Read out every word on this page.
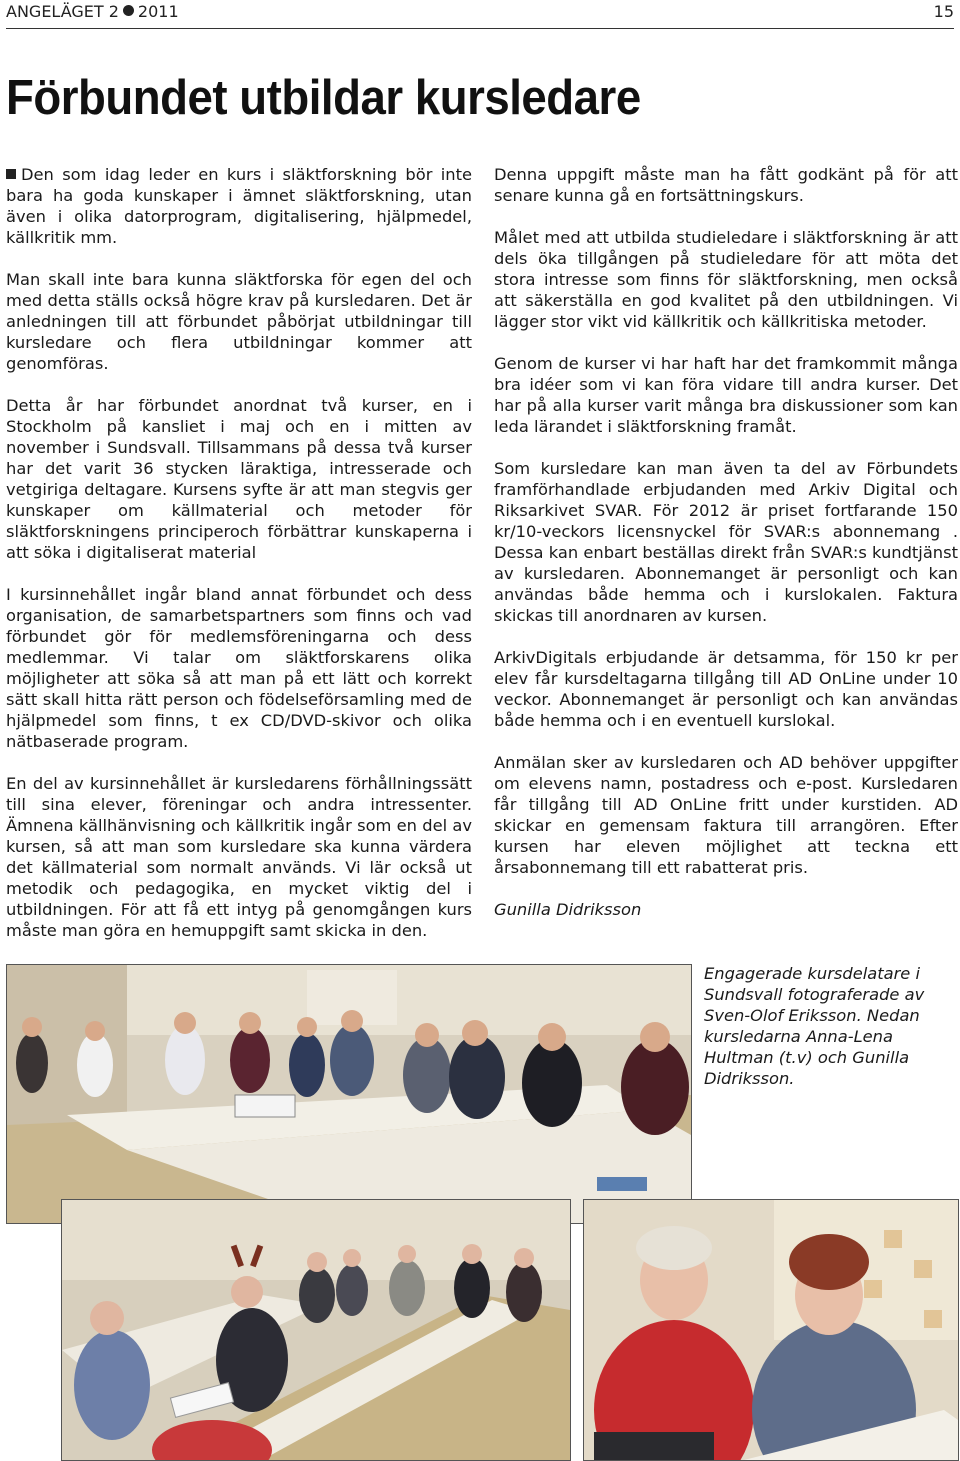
ANGELÄGET 2 2011	15
Förbundet utbildar kursledare

Den som idag leder en kurs i släktforskning bör inte bara ha goda kunskaper i ämnet släktforskning, utan även i olika datorprogram, digitalisering, hjälpmedel, källkritik mm.

Man skall inte bara kunna släktforska för egen del och med detta ställs också högre krav på kursledaren. Det är anledningen till att förbundet påbörjat utbildningar till kursledare och flera utbildningar kommer att genomföras.

Detta år har förbundet anordnat två kurser, en i Stockholm på kansliet i maj och en i mitten av november i Sundsvall. Tillsammans på dessa två kurser har det varit 36 stycken läraktiga, intresserade och vetgiriga deltagare. Kursens syfte är att man stegvis ger kunskaper om källmaterial och metoder för släktforskningens principeroch förbättrar kunskaperna i att söka i digitaliserat material

I kursinnehållet ingår bland annat förbundet och dess organisation, de samarbetspartners som finns och vad förbundet gör för medlemsföreningarna och dess medlemmar. Vi talar om släktforskarens olika möjligheter att söka så att man på ett lätt och korrekt sätt skall hitta rätt person och födelseförsamling med de hjälpmedel som finns, t ex CD/DVD-skivor och olika nätbaserade program.

En del av kursinnehållet är kursledarens förhållningssätt till sina elever, föreningar och andra intressenter. Ämnena källhänvisning och källkritik ingår som en del av kursen, så att man som kursledare ska kunna värdera det källmaterial som normalt används. Vi lär också ut metodik och pedagogika, en mycket viktig del i utbildningen. För att få ett intyg på genomgången kurs måste man göra en hemuppgift samt skicka in den.

Denna uppgift måste man ha fått godkänt på för att senare kunna gå en fortsättningskurs.

Målet med att utbilda studieledare i släktforskning är att dels öka tillgången på studieledare för att möta det stora intresse som finns för släktforskning, men också att säkerställa en god kvalitet på den utbildningen. Vi lägger stor vikt vid källkritik och källkritiska metoder.

Genom de kurser vi har haft har det framkommit många bra idéer som vi kan föra vidare till andra kurser. Det har på alla kurser varit många bra diskussioner som kan leda lärandet i släktforskning framåt.

Som kursledare kan man även ta del av Förbundets framförhandlade erbjudanden med Arkiv Digital och Riksarkivet SVAR. För 2012 är priset fortfarande 150 kr/10-veckors licensnyckel för SVAR:s abonnemang . Dessa kan enbart beställas direkt från SVAR:s kundtjänst av kursledaren. Abonnemanget är personligt och kan användas både hemma och i kurslokalen. Faktura skickas till anordnaren av kursen.

ArkivDigitals erbjudande är detsamma, för 150 kr per elev får kursdeltagarna tillgång till AD OnLine under 10 veckor. Abonnemanget är personligt och kan användas både hemma och i en eventuell kurslokal.

Anmälan sker av kursledaren och AD behöver uppgifter om elevens namn, postadress och e-post. Kursledaren får tillgång till AD OnLine fritt under kurstiden. AD skickar en gemensam faktura till arrangören. Efter kursen har eleven möjlighet att teckna ett årsabonnemang till ett rabatterat pris.

Gunilla Didriksson

Engagerade kursdelatare i Sundsvall fotograferade av Sven-Olof Eriksson. Nedan kursledarna Anna-Lena Hultman (t.v) och Gunilla Didriksson.
